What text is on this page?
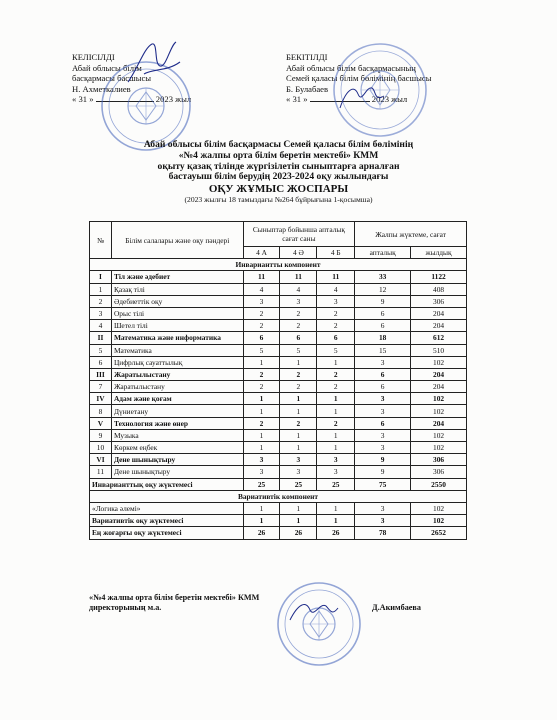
КЕЛІСІЛДІ
Абай облысы білім
басқармасы басшысы
Н. Ахметкалиев
« 31 »	2023 жыл
БЕКІТІЛДІ
Абай облысы білім басқармасының
Семей қаласы білім бөлімінің басшысы
Б. Булабаев
« 31 »	2023 жыл
Абай облысы білім басқармасы Семей қаласы білім бөлімінің
«№4 жалпы орта білім беретін мектебі» КММ
оқыту қазақ тілінде жүргізілетін сыныптарға арналған
бастауыш білім берудің 2023-2024 оқу жылындағы
ОҚУ ЖҰМЫС ЖОСПАРЫ
(2023 жылғы 18 тамыздағы №264 бұйрығына 1-қосымша)
№	Білім салалары және оқу пәндері	Сыныптар бойынша апталық сағат саны			Жалпы жүктеме, сағат	
		4 А	4 Ә	4 Б	апталық	жылдық
Инвариантты компонент						
I	Тіл және әдебиет	11	11	11	33	1122
1	Қазақ тілі	4	4	4	12	408
2	Әдебиеттік оқу	3	3	3	9	306
3	Орыс тілі	2	2	2	6	204
4	Шетел тілі	2	2	2	6	204
II	Математика және информатика	6	6	6	18	612
5	Математика	5	5	5	15	510
6	Цифрлық сауаттылық	1	1	1	3	102
III	Жаратылыстану	2	2	2	6	204
7	Жаратылыстану	2	2	2	6	204
IV	Адам және қоғам	1	1	1	3	102
8	Дүниетану	1	1	1	3	102
V	Технология және өнер	2	2	2	6	204
9	Музыка	1	1	1	3	102
10	Көркем еңбек	1	1	1	3	102
VI	Дене шынықтыру	3	3	3	9	306
11	Дене шынықтыру	3	3	3	9	306
Инварианттық оқу жүктемесі		25	25	25	75	2550
Вариативтік компонент						
«Логика әлемі»		1	1	1	3	102
Вариативтік оқу жүктемесі		1	1	1	3	102
Ең жоғарғы оқу жүктемесі		26	26	26	78	2652
«№4 жалпы орта білім беретін мектебі» КММ
директорының м.а.	Д.Акимбаева
